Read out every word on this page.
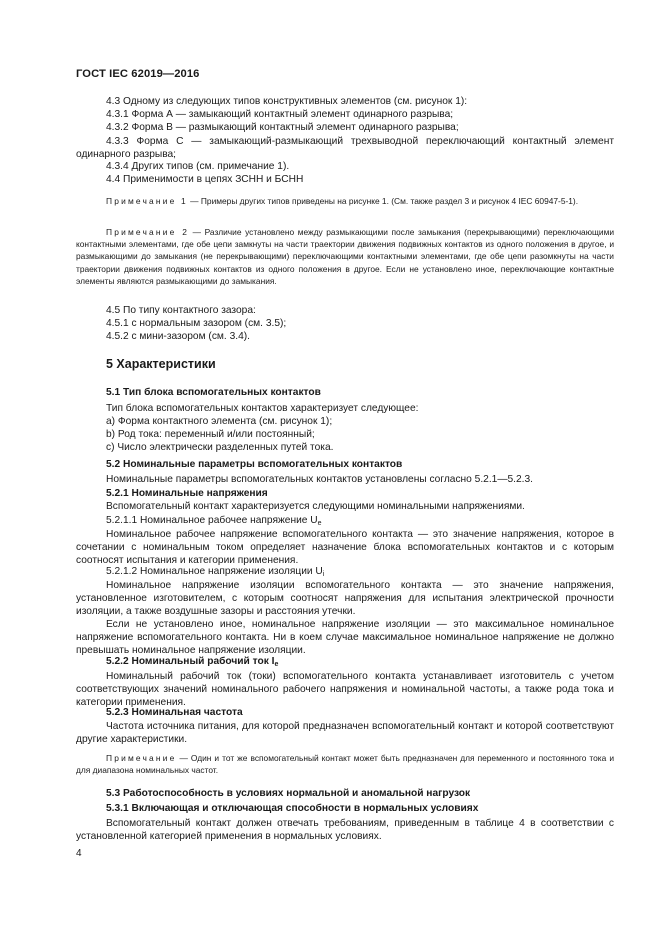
ГОСТ IEC 62019—2016
4.3 Одному из следующих типов конструктивных элементов (см. рисунок 1):
4.3.1 Форма А — замыкающий контактный элемент одинарного разрыва;
4.3.2 Форма В — размыкающий контактный элемент одинарного разрыва;
4.3.3 Форма С — замыкающий-размыкающий трехвыводной переключающий контактный элемент одинарного разрыва;
4.3.4 Других типов (см. примечание 1).
4.4 Применимости в цепях ЗСНН и БСНН
Примечание 1 — Примеры других типов приведены на рисунке 1. (См. также раздел 3 и рисунок 4 IEC 60947-5-1).
Примечание 2 — Различие установлено между размыкающими после замыкания (перекрывающими) переключающими контактными элементами, где обе цепи замкнуты на части траектории движения подвижных контактов из одного положения в другое, и размыкающими до замыкания (не перекрывающими) переключающими контактными элементами, где обе цепи разомкнуты на части траектории движения подвижных контактов из одного положения в другое. Если не установлено иное, переключающие контактные элементы являются размыкающими до замыкания.
4.5 По типу контактного зазора:
4.5.1 с нормальным зазором (см. 3.5);
4.5.2 с мини-зазором (см. 3.4).
5 Характеристики
5.1 Тип блока вспомогательных контактов
Тип блока вспомогательных контактов характеризует следующее:
a) Форма контактного элемента (см. рисунок 1);
b) Род тока: переменный и/или постоянный;
c) Число электрически разделенных путей тока.
5.2 Номинальные параметры вспомогательных контактов
Номинальные параметры вспомогательных контактов установлены согласно 5.2.1—5.2.3.
5.2.1 Номинальные напряжения
Вспомогательный контакт характеризуется следующими номинальными напряжениями.
5.2.1.1 Номинальное рабочее напряжение $U_e$
Номинальное рабочее напряжение вспомогательного контакта — это значение напряжения, которое в сочетании с номинальным током определяет назначение блока вспомогательных контактов и с которым соотносят испытания и категории применения.
5.2.1.2 Номинальное напряжение изоляции $U_i$
Номинальное напряжение изоляции вспомогательного контакта — это значение напряжения, установленное изготовителем, с которым соотносят напряжения для испытания электрической прочности изоляции, а также воздушные зазоры и расстояния утечки.
Если не установлено иное, номинальное напряжение изоляции — это максимальное номинальное напряжение вспомогательного контакта. Ни в коем случае максимальное номинальное напряжение не должно превышать номинальное напряжение изоляции.
5.2.2 Номинальный рабочий ток $I_e$
Номинальный рабочий ток (токи) вспомогательного контакта устанавливает изготовитель с учетом соответствующих значений номинального рабочего напряжения и номинальной частоты, а также рода тока и категории применения.
5.2.3 Номинальная частота
Частота источника питания, для которой предназначен вспомогательный контакт и которой соответствуют другие характеристики.
Примечание — Один и тот же вспомогательный контакт может быть предназначен для переменного и постоянного тока и для диапазона номинальных частот.
5.3 Работоспособность в условиях нормальной и аномальной нагрузок
5.3.1 Включающая и отключающая способности в нормальных условиях
Вспомогательный контакт должен отвечать требованиям, приведенным в таблице 4 в соответствии с установленной категорией применения в нормальных условиях.
4
